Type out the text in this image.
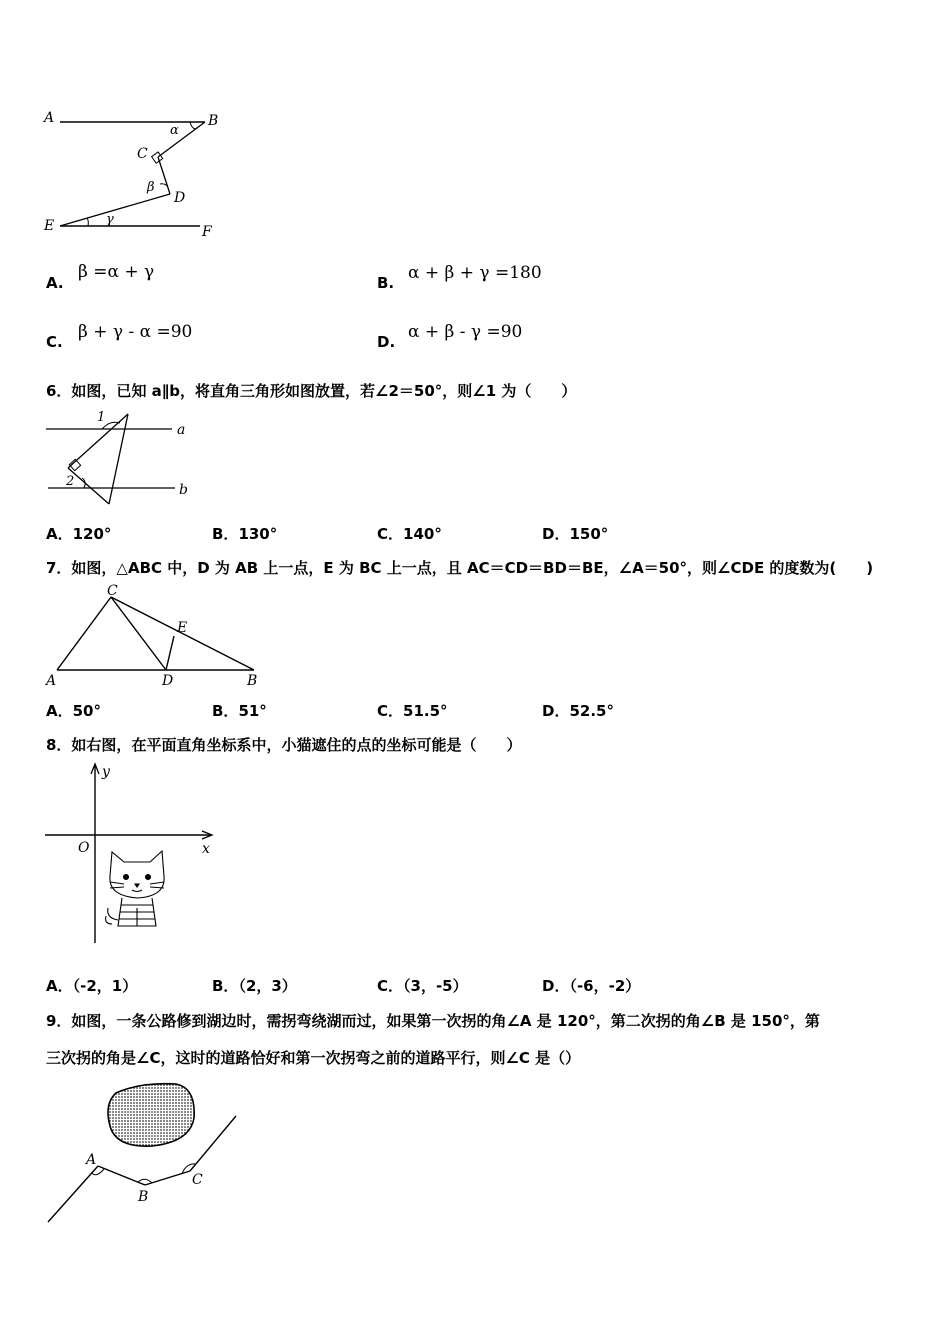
A	B
C
D
E	F
α
β
γ
A.
β =α + γ
B. α + β + γ =180
C. β + γ - α =90	D. α + β - γ =90
6．如图，已知 a∥b，将直角三角形如图放置，若∠2＝50°，则∠1 为（　　）
1
2
a
b
A．120°	B．130°	C．140°	D．150°
7．如图，△ABC 中，D 为 AB 上一点，E 为 BC 上一点，且 AC＝CD＝BD＝BE，∠A＝50°，则∠CDE 的度数为(　　)
C
E
A	D	B
A．50°	B．51°	C．51.5°	D．52.5°
8．如右图，在平面直角坐标系中，小猫遮住的点的坐标可能是（　　）
y
x
O
A．（-2，1）	B．（2，3）	C．（3，-5）	D．（-6，-2）
9．如图，一条公路修到湖边时，需拐弯绕湖而过，如果第一次拐的角∠A 是 120°，第二次拐的角∠B 是 150°，第
三次拐的角是∠C，这时的道路恰好和第一次拐弯之前的道路平行，则∠C 是（）
A
B
C
